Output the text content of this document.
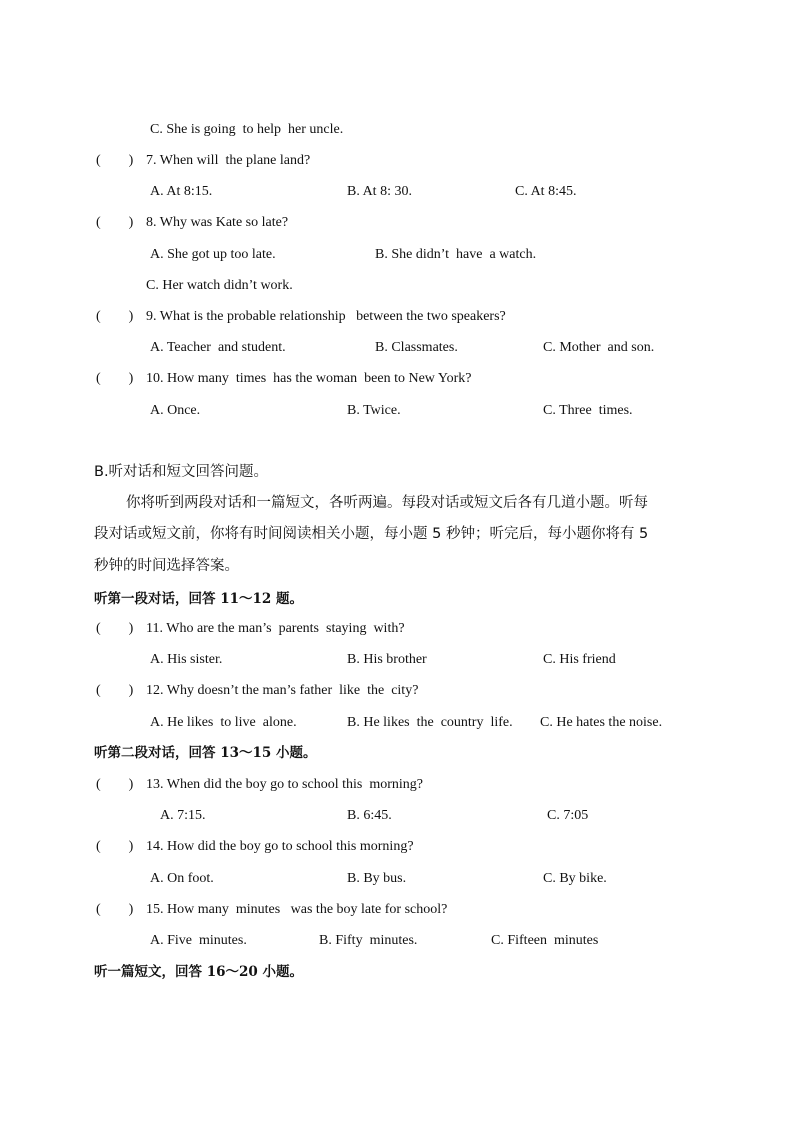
C. She is going  to help  her uncle.
(        ) 7. When will  the plane land?
A. At 8:15.	B. At 8: 30.	C. At 8:45.
(        ) 8. Why was Kate so late?
A. She got up too late.	B. She didn’t  have  a watch.
C. Her watch didn’t work.
(        ) 9. What is the probable relationship   between the two speakers?
A. Teacher  and student.	B. Classmates.	C. Mother  and son.
(        ) 10. How many  times  has the woman  been to New York?
A. Once.	B. Twice.	C. Three  times.
B.听对话和短文回答问题。
你将听到两段对话和一篇短文，各听两遍。每段对话或短文后各有几道小题。听每
段对话或短文前，你将有时间阅读相关小题，每小题 5 秒钟；听完后，每小题你将有 5
秒钟的时间选择答案。
听第一段对话，回答 11～12 题。
(        ) 11. Who are the man’s  parents  staying  with?
A. His sister.	B. His brother	C. His friend
(        ) 12. Why doesn’t the man’s father  like  the  city?
A. He likes  to live  alone.	B. He likes  the  country  life. C. He hates the noise.
听第二段对话，回答 13～15 小题。
(        ) 13. When did the boy go to school this  morning?
A. 7:15.	B. 6:45.	C. 7:05
(        ) 14. How did the boy go to school this morning?
A. On foot.	B. By bus.	C. By bike.
(        ) 15. How many  minutes   was the boy late for school?
A. Five  minutes.	B. Fifty  minutes.	C. Fifteen  minutes
听一篇短文，回答 16～20 小题。
